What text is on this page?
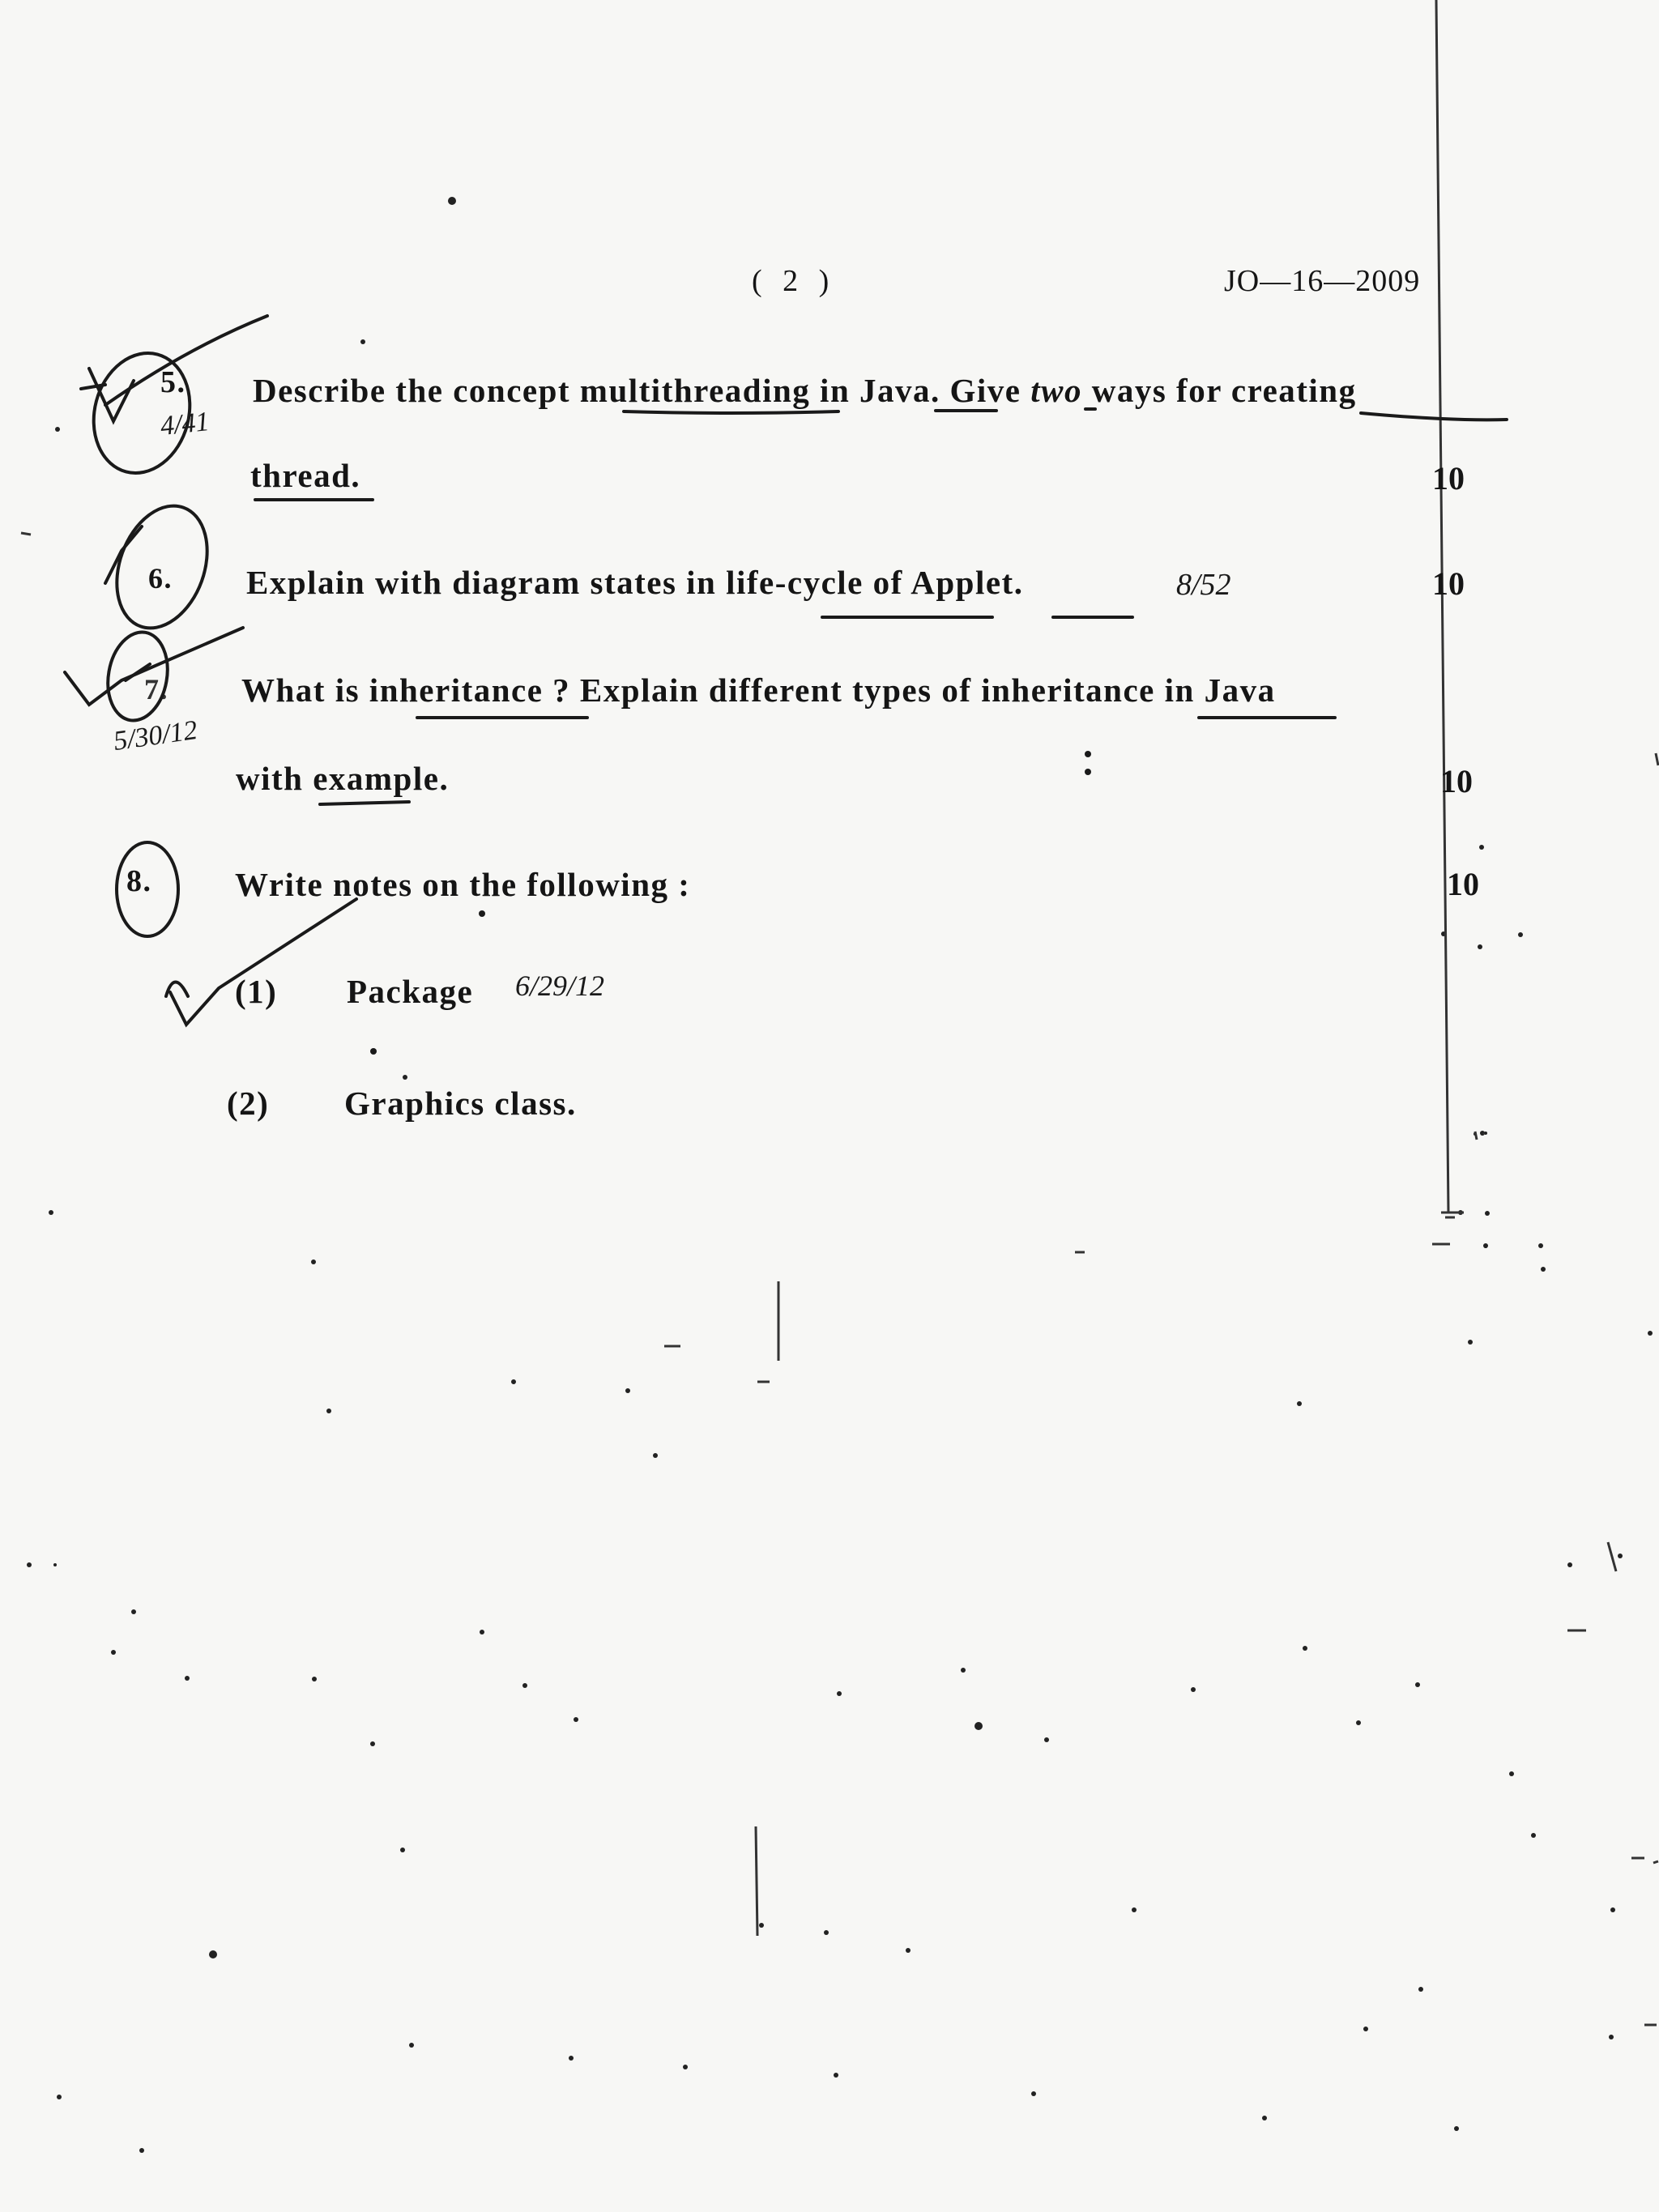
( 2 )	JO—16—2009
5. Describe the concept multithreading in Java. Give two ways for creating
thread.	10
6. Explain with diagram states in life-cycle of Applet.	10
7. What is inheritance ? Explain different types of inheritance in Java
with example.	10
8.	Write notes on the following :	10
(1) Package
(2) Graphics class.
4/41
8/52
5/30/12
6/29/12
